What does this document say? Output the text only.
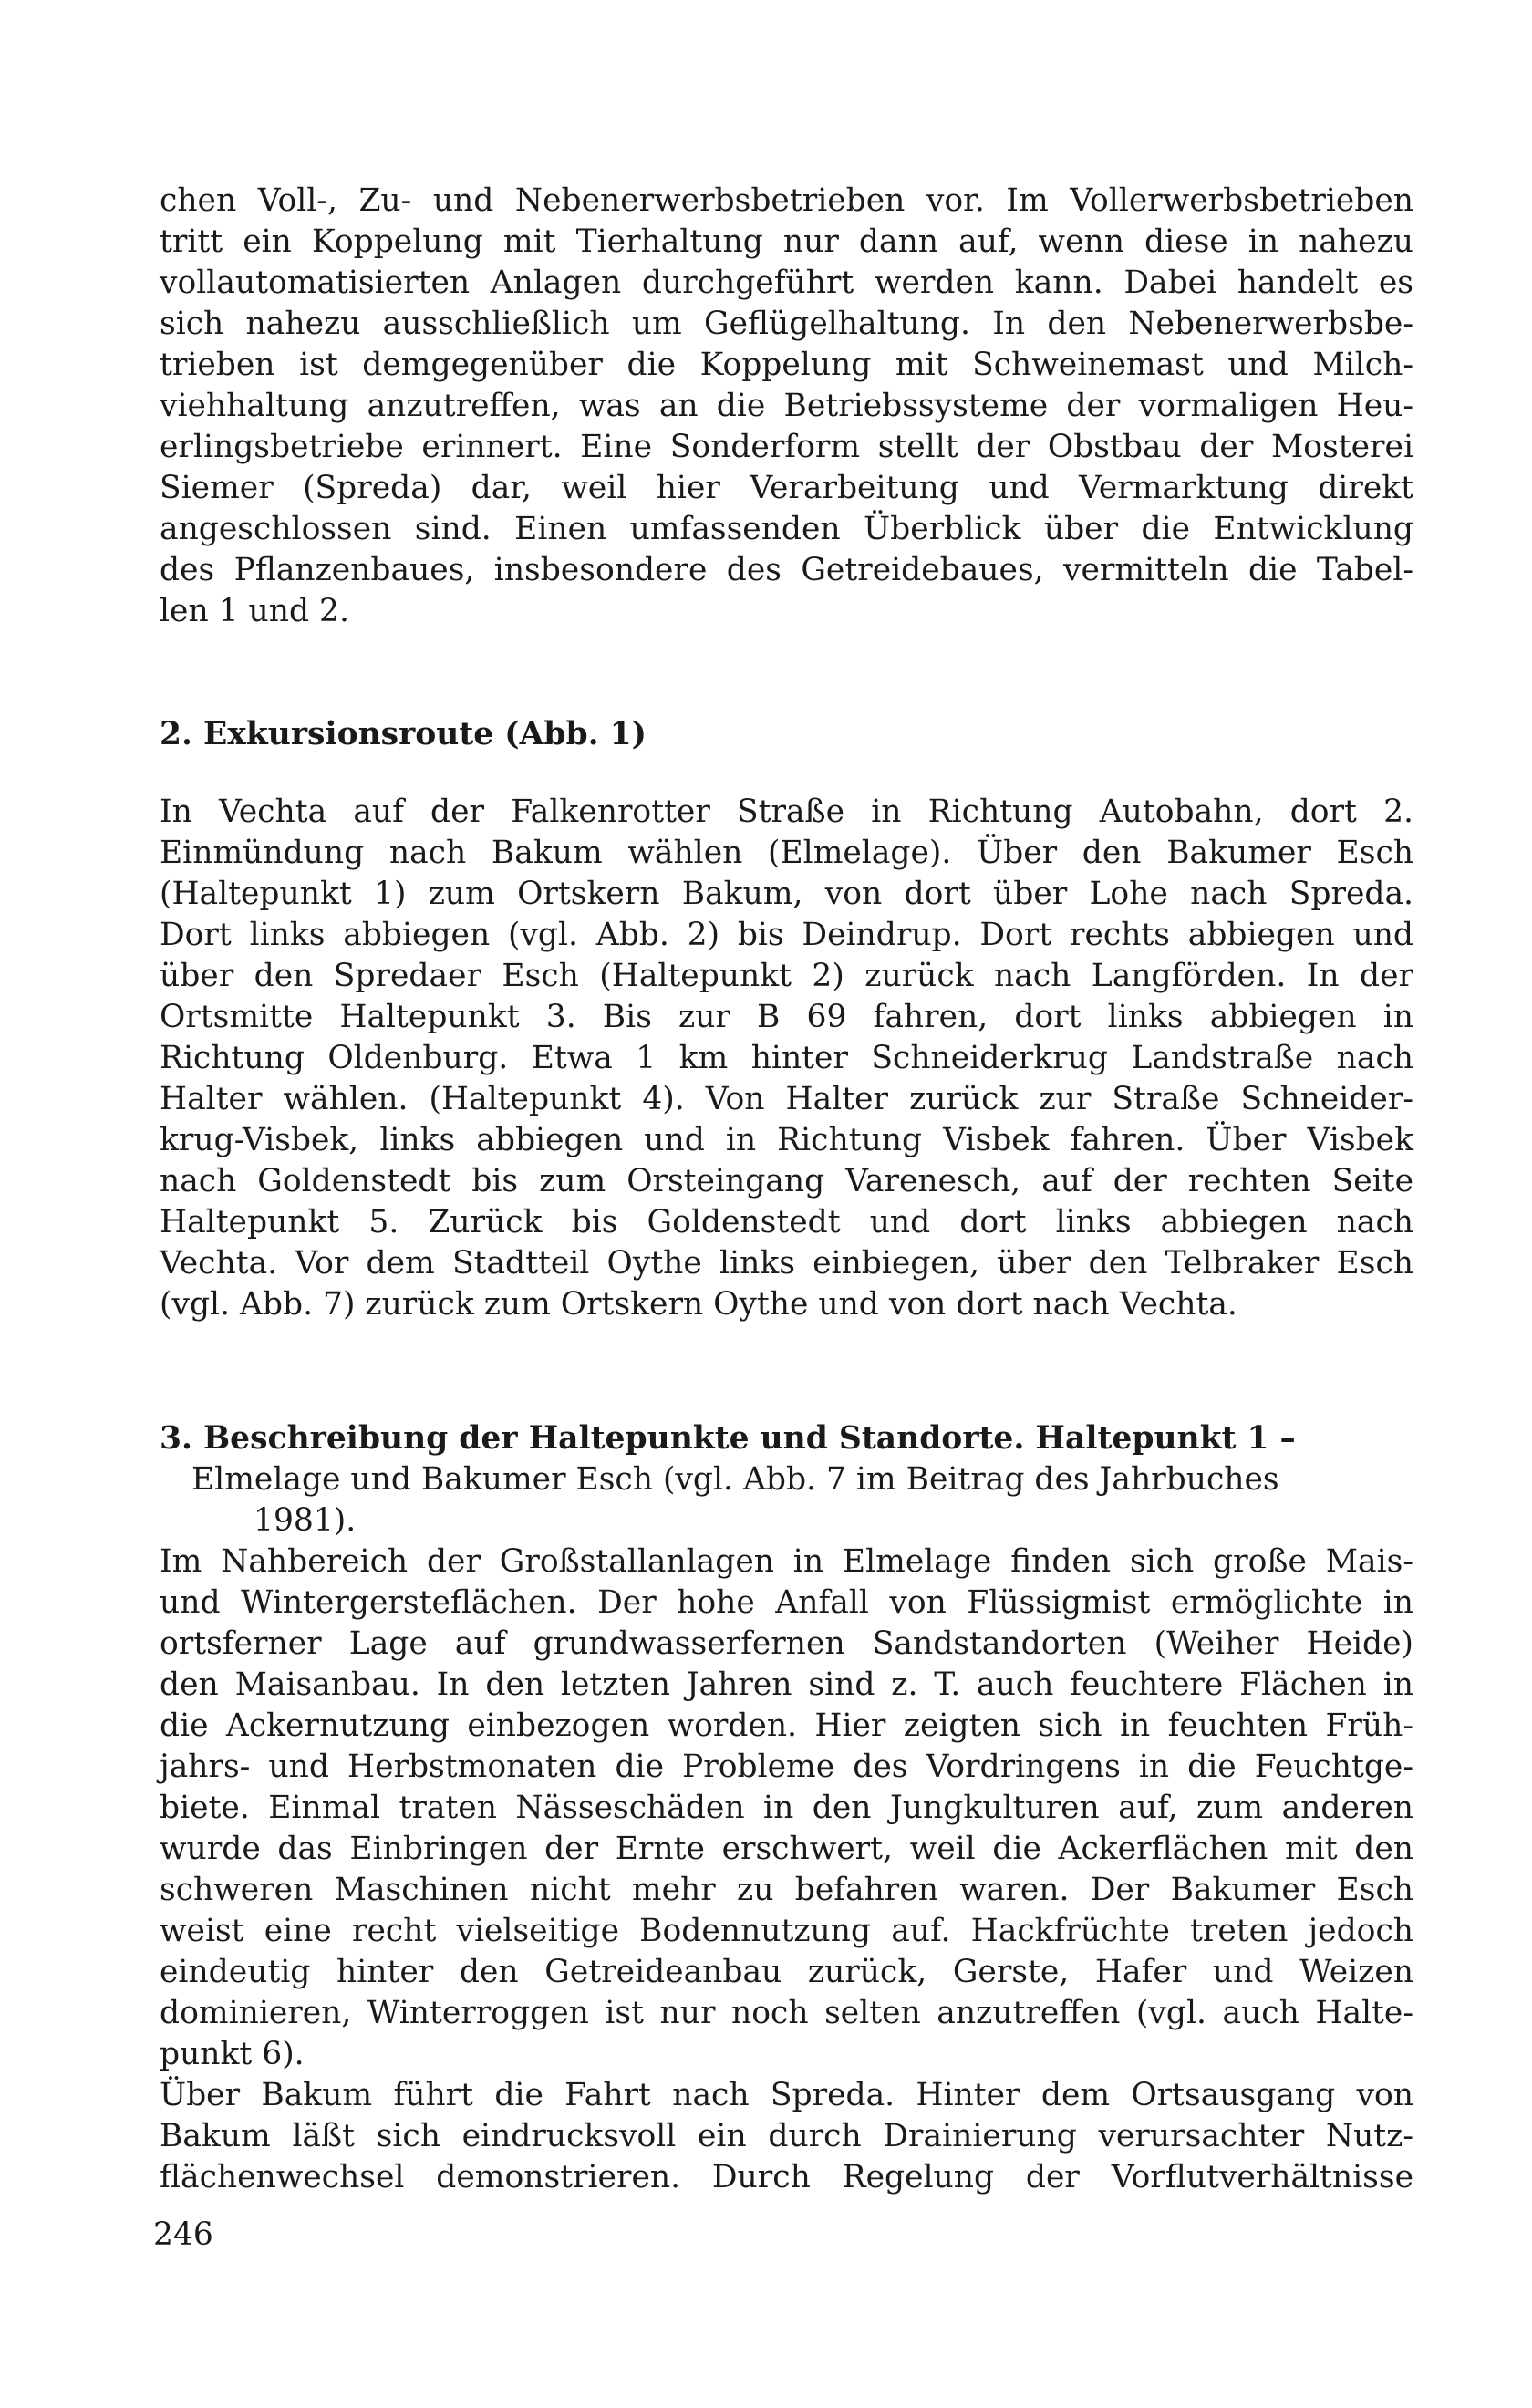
chen Voll-, Zu- und Nebenerwerbsbetrieben vor. Im Vollerwerbsbetrieben
tritt ein Koppelung mit Tierhaltung nur dann auf, wenn diese in nahezu
vollautomatisierten Anlagen durchgeführt werden kann. Dabei handelt es
sich nahezu ausschließlich um Geflügelhaltung. In den Nebenerwerbsbe-
trieben ist demgegenüber die Koppelung mit Schweinemast und Milch-
viehhaltung anzutreffen, was an die Betriebssysteme der vormaligen Heu-
erlingsbetriebe erinnert. Eine Sonderform stellt der Obstbau der Mosterei
Siemer (Spreda) dar, weil hier Verarbeitung und Vermarktung direkt
angeschlossen sind. Einen umfassenden Überblick über die Entwicklung
des Pflanzenbaues, insbesondere des Getreidebaues, vermitteln die Tabel-
len 1 und 2.
2. Exkursionsroute (Abb. 1)
In Vechta auf der Falkenrotter Straße in Richtung Autobahn, dort 2.
Einmündung nach Bakum wählen (Elmelage). Über den Bakumer Esch
(Haltepunkt 1) zum Ortskern Bakum, von dort über Lohe nach Spreda.
Dort links abbiegen (vgl. Abb. 2) bis Deindrup. Dort rechts abbiegen und
über den Spredaer Esch (Haltepunkt 2) zurück nach Langförden. In der
Ortsmitte Haltepunkt 3. Bis zur B 69 fahren, dort links abbiegen in
Richtung Oldenburg. Etwa 1 km hinter Schneiderkrug Landstraße nach
Halter wählen. (Haltepunkt 4). Von Halter zurück zur Straße Schneider-
krug-Visbek, links abbiegen und in Richtung Visbek fahren. Über Visbek
nach Goldenstedt bis zum Orsteingang Varenesch, auf der rechten Seite
Haltepunkt 5. Zurück bis Goldenstedt und dort links abbiegen nach
Vechta. Vor dem Stadtteil Oythe links einbiegen, über den Telbraker Esch
(vgl. Abb. 7) zurück zum Ortskern Oythe und von dort nach Vechta.
3. Beschreibung der Haltepunkte und Standorte. Haltepunkt 1 –
Elmelage und Bakumer Esch (vgl. Abb. 7 im Beitrag des Jahrbuches
1981).
Im Nahbereich der Großstallanlagen in Elmelage finden sich große Mais-
und Wintergersteflächen. Der hohe Anfall von Flüssigmist ermöglichte in
ortsferner Lage auf grundwasserfernen Sandstandorten (Weiher Heide)
den Maisanbau. In den letzten Jahren sind z. T. auch feuchtere Flächen in
die Ackernutzung einbezogen worden. Hier zeigten sich in feuchten Früh-
jahrs- und Herbstmonaten die Probleme des Vordringens in die Feuchtge-
biete. Einmal traten Nässeschäden in den Jungkulturen auf, zum anderen
wurde das Einbringen der Ernte erschwert, weil die Ackerflächen mit den
schweren Maschinen nicht mehr zu befahren waren. Der Bakumer Esch
weist eine recht vielseitige Bodennutzung auf. Hackfrüchte treten jedoch
eindeutig hinter den Getreideanbau zurück, Gerste, Hafer und Weizen
dominieren, Winterroggen ist nur noch selten anzutreffen (vgl. auch Halte-
punkt 6).
Über Bakum führt die Fahrt nach Spreda. Hinter dem Ortsausgang von
Bakum läßt sich eindrucksvoll ein durch Drainierung verursachter Nutz-
flächenwechsel demonstrieren. Durch Regelung der Vorflutverhältnisse
246
